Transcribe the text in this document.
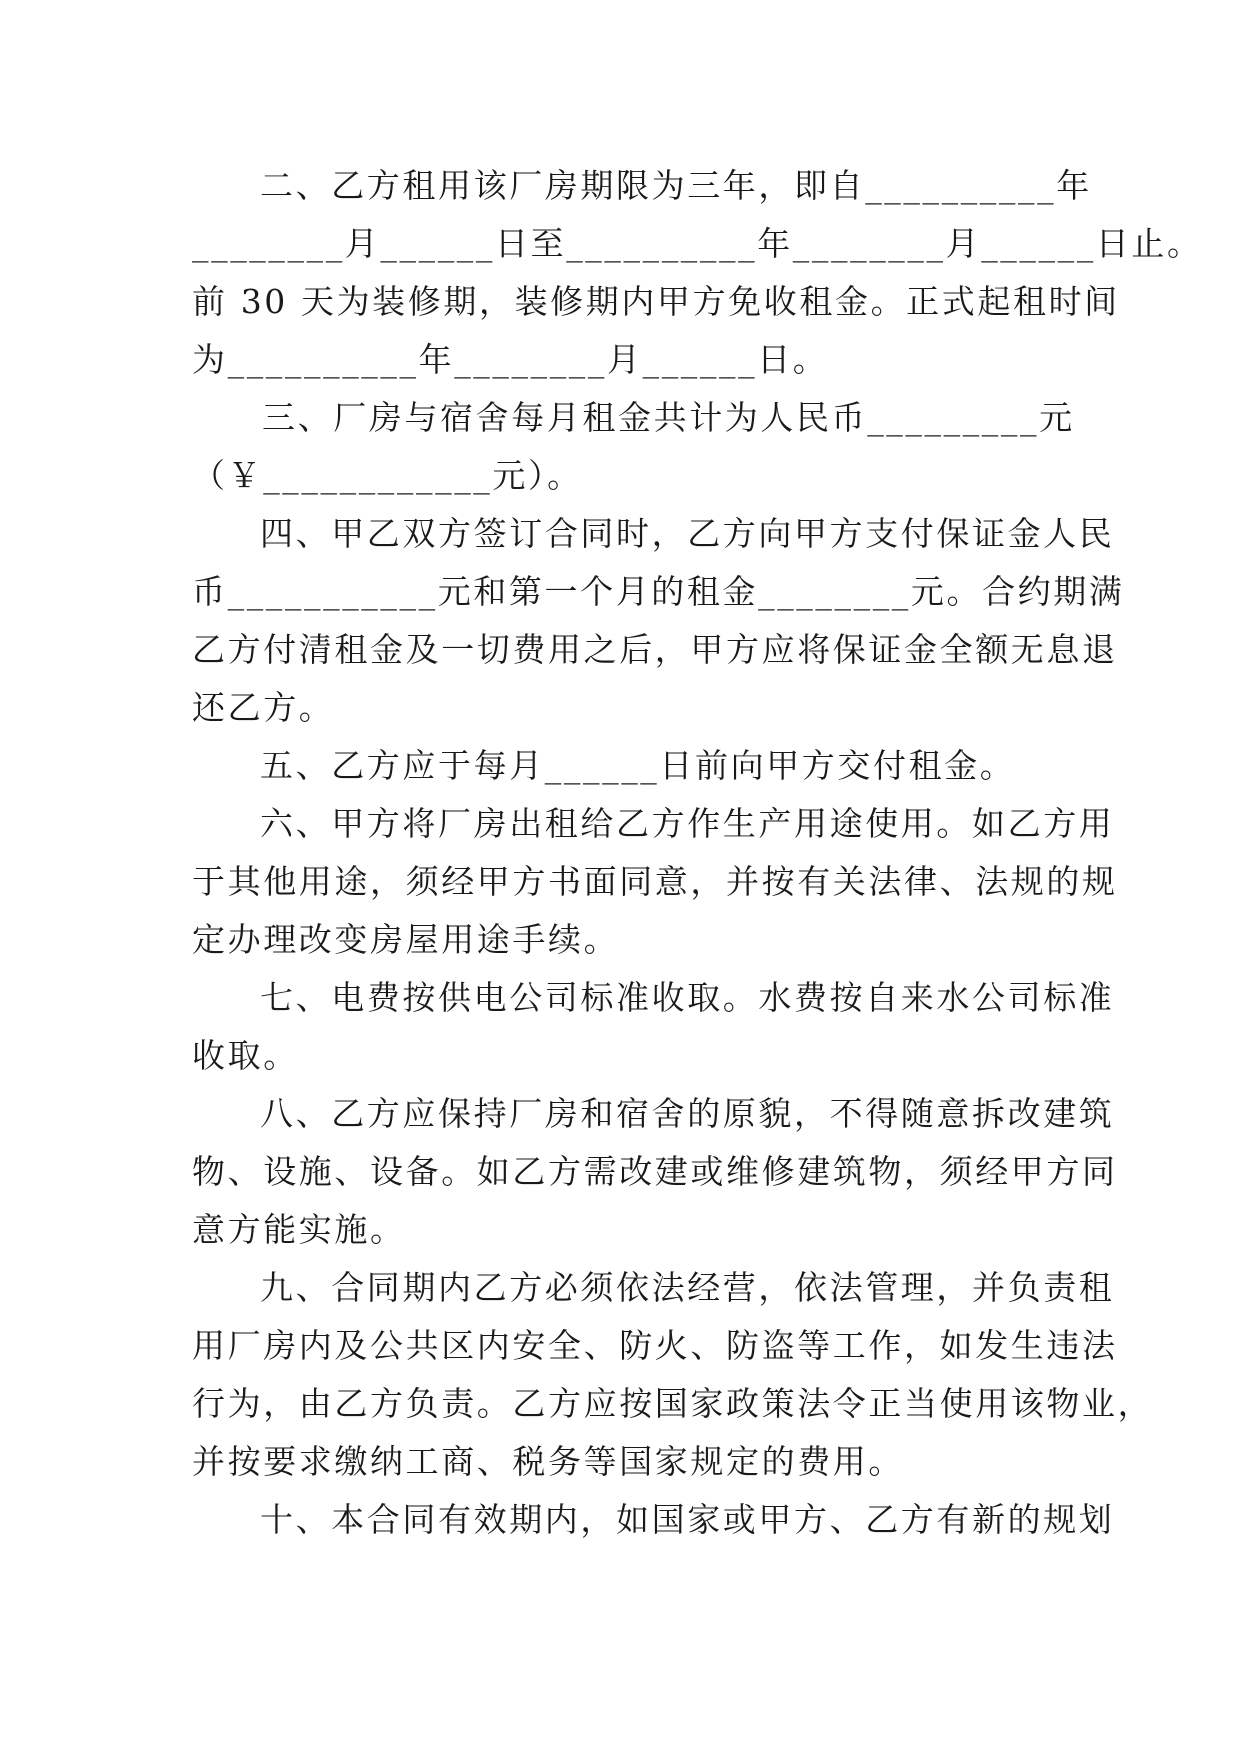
二、乙方租用该厂房期限为三年，即自__________年
________月______日至__________年________月______日止。
前 30 天为装修期，装修期内甲方免收租金。正式起租时间
为__________年________月______日。
三、厂房与宿舍每月租金共计为人民币_________元
（￥____________元）。
四、甲乙双方签订合同时，乙方向甲方支付保证金人民
币___________元和第一个月的租金________元。合约期满
乙方付清租金及一切费用之后，甲方应将保证金全额无息退
还乙方。
五、乙方应于每月______日前向甲方交付租金。
六、甲方将厂房出租给乙方作生产用途使用。如乙方用
于其他用途，须经甲方书面同意，并按有关法律、法规的规
定办理改变房屋用途手续。
七、电费按供电公司标准收取。水费按自来水公司标准
收取。
八、乙方应保持厂房和宿舍的原貌，不得随意拆改建筑
物、设施、设备。如乙方需改建或维修建筑物，须经甲方同
意方能实施。
九、合同期内乙方必须依法经营，依法管理，并负责租
用厂房内及公共区内安全、防火、防盗等工作，如发生违法
行为，由乙方负责。乙方应按国家政策法令正当使用该物业，
并按要求缴纳工商、税务等国家规定的费用。
十、本合同有效期内，如国家或甲方、乙方有新的规划
